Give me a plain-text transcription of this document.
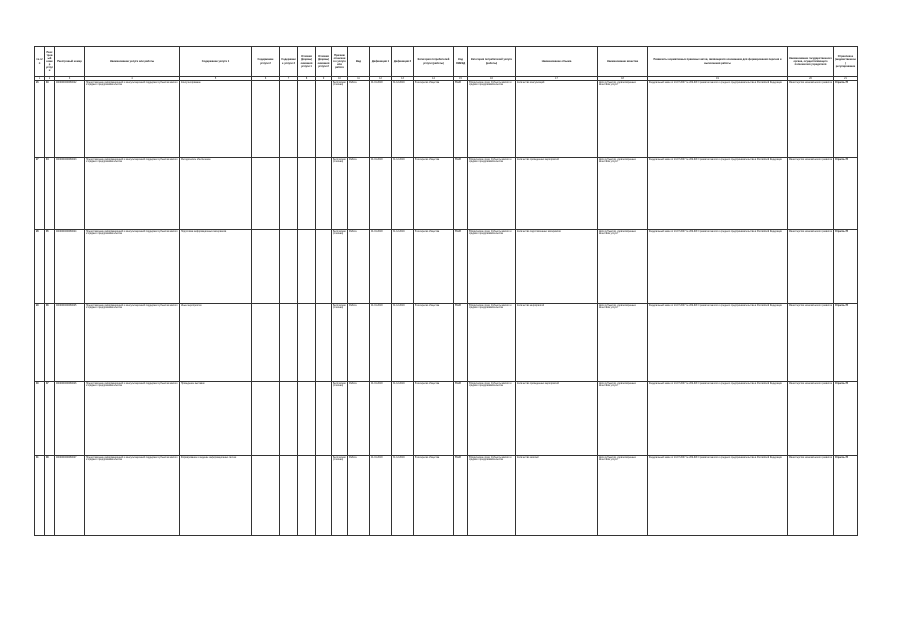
№ п/п	Реестровый номер услуги	Реестровый номер	Наименование услуги или работы	Содержание услуги 1	Содержание услуги 2	Содержание услуги 3	Условия (формы) оказания услуги 1	Условия (формы) оказания услуги 2	Признак отнесения к услуге или работе	Вид	Дефиниция 1	Дефиниция 2	Категория потребителей услуги (работы)	Код ОКВЭД	Категория потребителей услуги (работы)	Наименование объема	Наименование качества	Реквизиты нормативных правовых актов, являющихся основанием для формирования перечня и выполнения работы	Наименование государственного органа, осуществляющего полномочия учредителя	Отраслевое (ведомственное) регулирование
1	2	3	4	5	6	7	8	9	10	11	12	13	14	15	16	17	18	19	20	21
26	33	0000000000080022	Предоставление информационной и консультационной поддержки субъектам малого и среднего предпринимательства	Консультирование					Бесплатная (платная)	Работа	01.01.2018	31.12.2019	В интересах общества	70.22	Юридические лица; Субъекты малого и среднего предпринимательства	Количество консультаций	Доля субъектов, удовлетворенных качеством услуги	Федеральный закон от 24.07.2007 № 209-ФЗ О развитии малого и среднего предпринимательства в Российской Федерации	Министерство экономического развития	Отрасль 78
27	34	0000000000080023	Предоставление информационной и консультационной поддержки субъектам малого и среднего предпринимательства	Методическое обеспечение					Бесплатная (платная)	Работа	01.01.2018	31.12.2019	В интересах общества	70.22	Юридические лица; Субъекты малого и среднего предпринимательства	Количество проведенных мероприятий	Доля субъектов, удовлетворенных качеством услуги	Федеральный закон от 24.07.2007 № 209-ФЗ О развитии малого и среднего предпринимательства в Российской Федерации	Министерство экономического развития	Отрасль 78
28	35	0000000000080024	Предоставление информационной и консультационной поддержки субъектам малого и среднего предпринимательства	Подготовка информационных материалов					Бесплатная (платная)	Работа	01.01.2018	31.12.2019	В интересах общества	70.22	Юридические лица; Субъекты малого и среднего предпринимательства	Количество подготовленных материалов	Доля субъектов, удовлетворенных качеством услуги	Федеральный закон от 24.07.2007 № 209-ФЗ О развитии малого и среднего предпринимательства в Российской Федерации	Министерство экономического развития	Отрасль 78
29	36	0000000000080025	Предоставление информационной и консультационной поддержки субъектам малого и среднего предпринимательства	Иные мероприятия					Бесплатная (платная)	Работа	01.01.2018	31.12.2019	В интересах общества	70.22	Юридические лица; Субъекты малого и среднего предпринимательства	Количество мероприятий	Доля субъектов, удовлетворенных качеством услуги	Федеральный закон от 24.07.2007 № 209-ФЗ О развитии малого и среднего предпринимательства в Российской Федерации	Министерство экономического развития	Отрасль 78
30	37	0000000000080026	Предоставление информационной и консультационной поддержки субъектам малого и среднего предпринимательства	Проведение выставок					Бесплатная (платная)	Работа	01.01.2018	31.12.2019	В интересах общества	70.22	Юридические лица; Субъекты малого и среднего предпринимательства	Количество проведенных мероприятий	Доля субъектов, удовлетворенных качеством услуги	Федеральный закон от 24.07.2007 № 209-ФЗ О развитии малого и среднего предпринимательства в Российской Федерации	Министерство экономического развития	Отрасль 78
31	38	0000000000080027	Предоставление информационной и консультационной поддержки субъектам малого и среднего предпринимательства	Формирование и ведение информационных систем					Бесплатная (платная)	Работа	01.01.2018	31.12.2019	В интересах общества	70.22	Юридические лица; Субъекты малого и среднего предпринимательства	Количество записей	Доля субъектов, удовлетворенных качеством услуги	Федеральный закон от 24.07.2007 № 209-ФЗ О развитии малого и среднего предпринимательства в Российской Федерации	Министерство экономического развития	Отрасль 78
